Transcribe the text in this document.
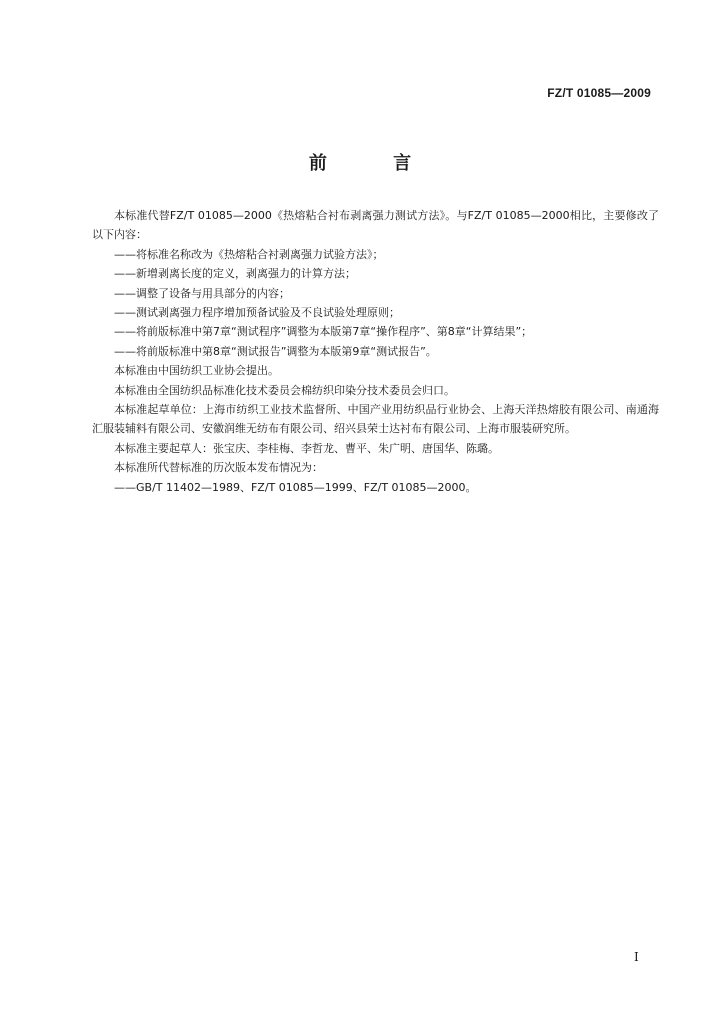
FZ/T 01085—2009
前 言

本标准代替FZ/T 01085—2000《热熔粘合衬布剥离强力测试方法》。与FZ/T 01085—2000相比，主要修改了以下内容：

——将标准名称改为《热熔粘合衬剥离强力试验方法》；

——新增剥离长度的定义，剥离强力的计算方法；

——调整了设备与用具部分的内容；

——测试剥离强力程序增加预备试验及不良试验处理原则；

——将前版标准中第7章“测试程序”调整为本版第7章“操作程序”、第8章“计算结果”；

——将前版标准中第8章“测试报告”调整为本版第9章“测试报告”。

本标准由中国纺织工业协会提出。

本标准由全国纺织品标准化技术委员会棉纺织印染分技术委员会归口。

本标准起草单位：上海市纺织工业技术监督所、中国产业用纺织品行业协会、上海天洋热熔胶有限公司、南通海汇服装辅料有限公司、安徽润维无纺布有限公司、绍兴县荣士达衬布有限公司、上海市服装研究所。

本标准主要起草人：张宝庆、李桂梅、李哲龙、曹平、朱广明、唐国华、陈璐。

本标准所代替标准的历次版本发布情况为：

——GB/T 11402—1989、FZ/T 01085—1999、FZ/T 01085—2000。

I
